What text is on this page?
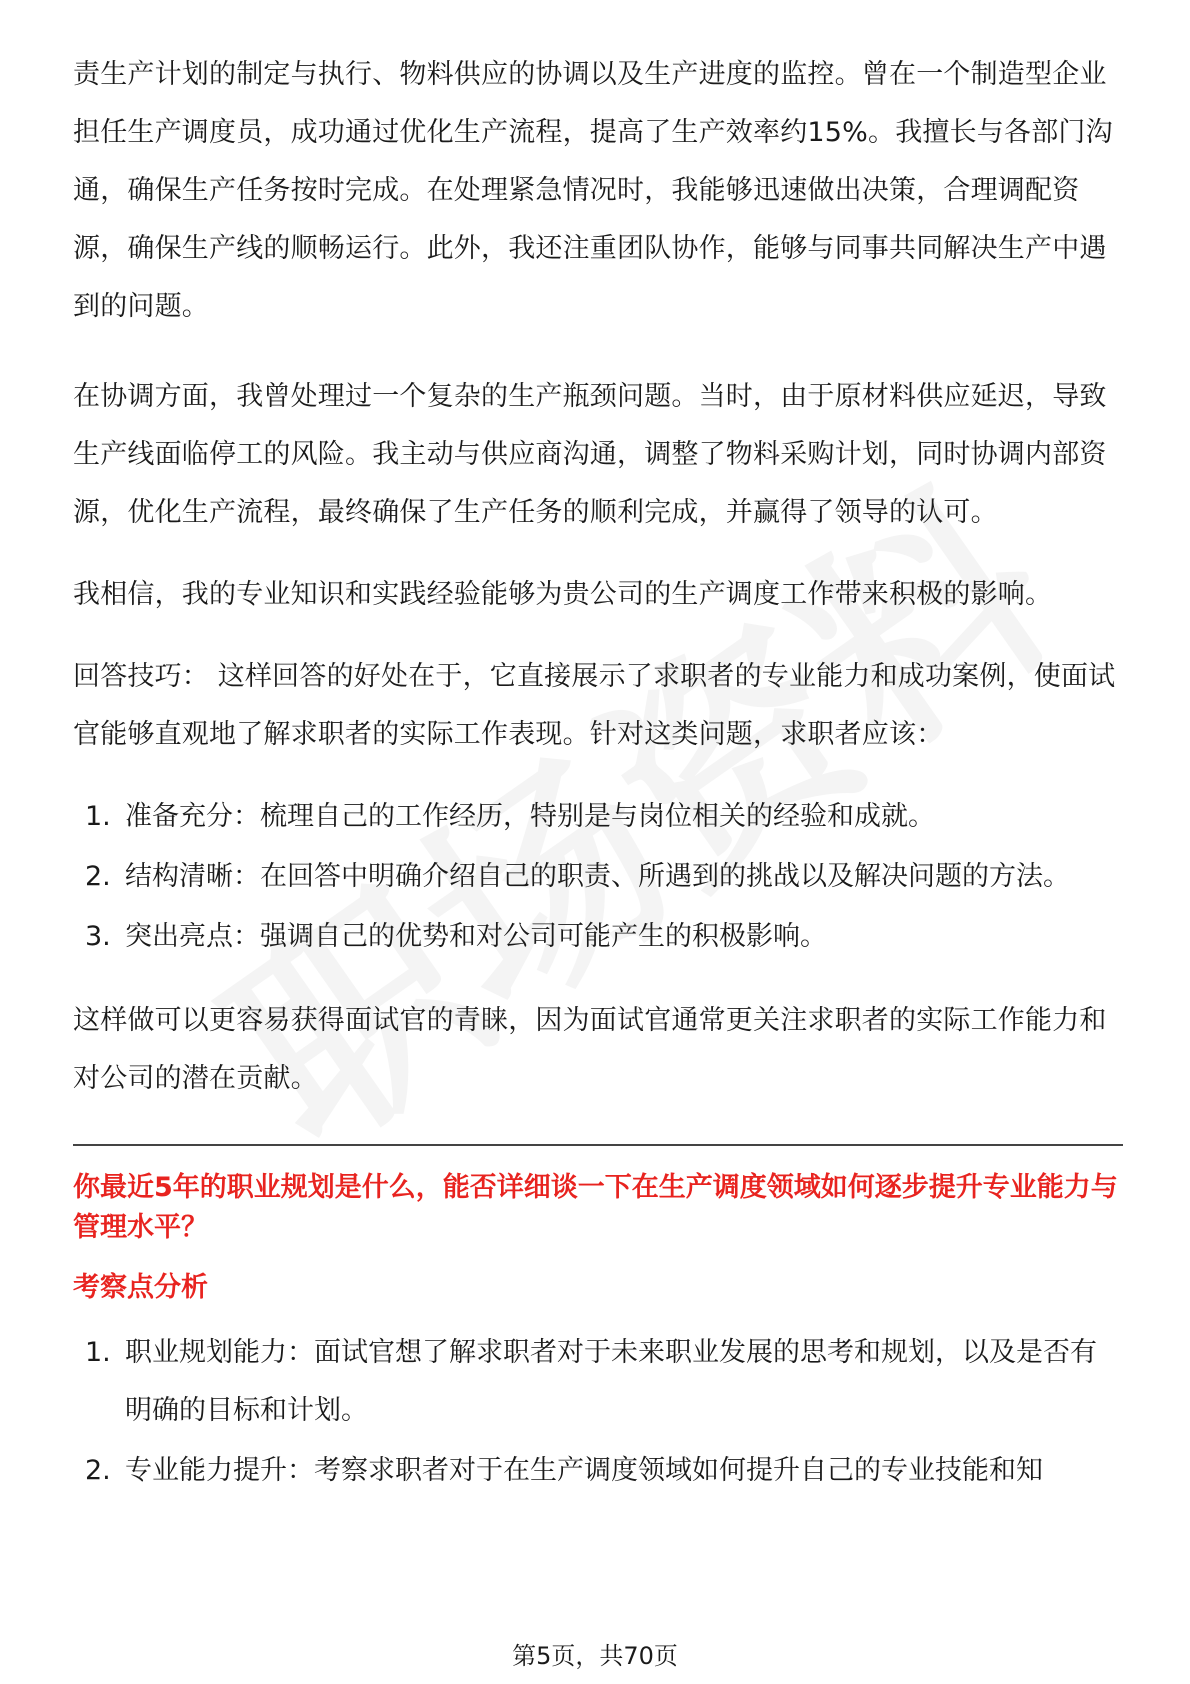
责生产计划的制定与执行、物料供应的协调以及生产进度的监控。曾在一个制造型企业担任生产调度员，成功通过优化生产流程，提高了生产效率约15%。我擅长与各部门沟通，确保生产任务按时完成。在处理紧急情况时，我能够迅速做出决策，合理调配资源，确保生产线的顺畅运行。此外，我还注重团队协作，能够与同事共同解决生产中遇到的问题。

在协调方面，我曾处理过一个复杂的生产瓶颈问题。当时，由于原材料供应延迟，导致生产线面临停工的风险。我主动与供应商沟通，调整了物料采购计划，同时协调内部资源，优化生产流程，最终确保了生产任务的顺利完成，并赢得了领导的认可。

我相信，我的专业知识和实践经验能够为贵公司的生产调度工作带来积极的影响。

回答技巧： 这样回答的好处在于，它直接展示了求职者的专业能力和成功案例，使面试官能够直观地了解求职者的实际工作表现。针对这类问题，求职者应该：

1. 准备充分：梳理自己的工作经历，特别是与岗位相关的经验和成就。
2. 结构清晰：在回答中明确介绍自己的职责、所遇到的挑战以及解决问题的方法。
3. 突出亮点：强调自己的优势和对公司可能产生的积极影响。

这样做可以更容易获得面试官的青睐，因为面试官通常更关注求职者的实际工作能力和对公司的潜在贡献。

你最近5年的职业规划是什么，能否详细谈一下在生产调度领域如何逐步提升专业能力与管理水平？

考察点分析

1. 职业规划能力：面试官想了解求职者对于未来职业发展的思考和规划，以及是否有明确的目标和计划。
2. 专业能力提升：考察求职者对于在生产调度领域如何提升自己的专业技能和知
第5页，共70页
